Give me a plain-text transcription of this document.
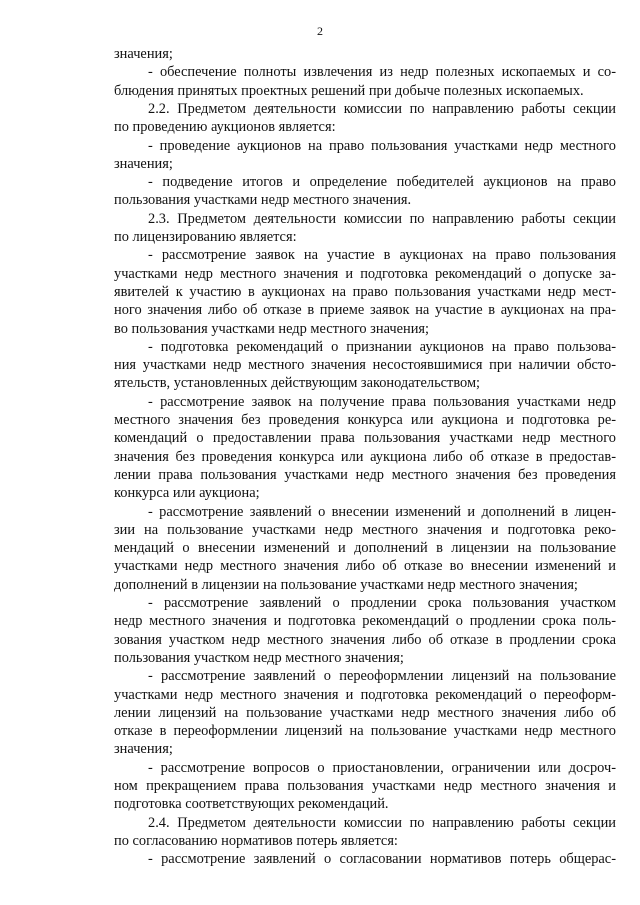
2
значения;
- обеспечение полноты извлечения из недр полезных ископаемых и со-
блюдения принятых проектных решений при добыче полезных ископаемых.
2.2. Предметом деятельности комиссии по направлению работы секции
по проведению аукционов является:
- проведение аукционов на право пользования участками недр местного
значения;
- подведение итогов и определение победителей аукционов на право
пользования участками недр местного значения.
2.3. Предметом деятельности комиссии по направлению работы секции
по лицензированию является:
- рассмотрение заявок на участие в аукционах на право пользования
участками недр местного значения и подготовка рекомендаций о допуске за-
явителей к участию в аукционах на право пользования участками недр мест-
ного значения либо об отказе в приеме заявок на участие в аукционах на пра-
во пользования участками недр местного значения;
- подготовка рекомендаций о признании аукционов на право пользова-
ния участками недр местного значения несостоявшимися при наличии обсто-
ятельств, установленных действующим законодательством;
- рассмотрение заявок на получение права пользования участками недр
местного значения без проведения конкурса или аукциона и подготовка ре-
комендаций о предоставлении права пользования участками недр местного
значения без проведения конкурса или аукциона либо об отказе в предостав-
лении права пользования участками недр местного значения без проведения
конкурса или аукциона;
- рассмотрение заявлений о внесении изменений и дополнений в лицен-
зии на пользование участками недр местного значения и подготовка реко-
мендаций о внесении изменений и дополнений в лицензии на пользование
участками недр местного значения либо об отказе во внесении изменений и
дополнений в лицензии на пользование участками недр местного значения;
- рассмотрение заявлений о продлении срока пользования участком
недр местного значения и подготовка рекомендаций о продлении срока поль-
зования участком недр местного значения либо об отказе в продлении срока
пользования участком недр местного значения;
- рассмотрение заявлений о переоформлении лицензий на пользование
участками недр местного значения и подготовка рекомендаций о переоформ-
лении лицензий на пользование участками недр местного значения либо об
отказе в переоформлении лицензий на пользование участками недр местного
значения;
- рассмотрение вопросов о приостановлении, ограничении или досроч-
ном прекращением права пользования участками недр местного значения и
подготовка соответствующих рекомендаций.
2.4. Предметом деятельности комиссии по направлению работы секции
по согласованию нормативов потерь является:
- рассмотрение заявлений о согласовании нормативов потерь общерас-
